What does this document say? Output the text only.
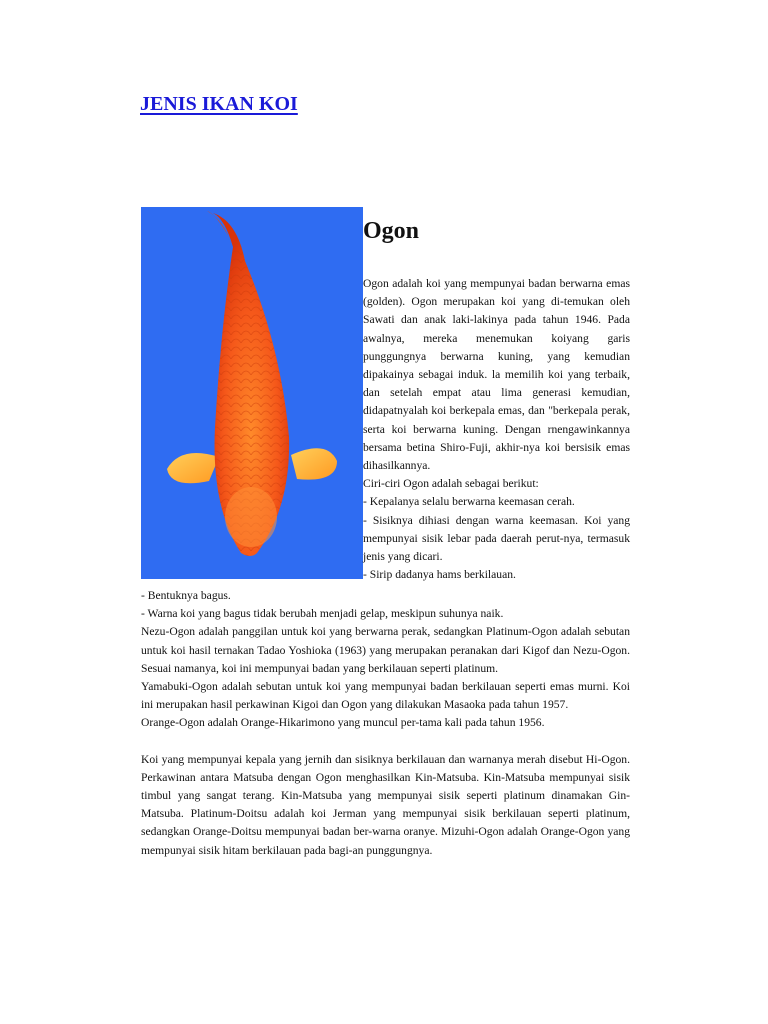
JENIS IKAN KOI
Ogon

Ogon adalah koi yang mempunyai badan berwarna emas (golden). Ogon merupakan koi yang di-temukan oleh Sawati dan anak laki-lakinya pada tahun 1946. Pada awalnya, mereka menemukan koiyang garis punggungnya berwarna kuning, yang kemudian dipakainya sebagai induk. la memilih koi yang terbaik, dan setelah empat atau lima generasi kemudian, didapatnyalah koi berkepala emas, dan "berkepala perak, serta koi berwarna kuning. Dengan rnengawinkannya bersama betina Shiro-Fuji, akhir-nya koi bersisik emas dihasilkannya.

Ciri-ciri Ogon adalah sebagai berikut:

- Kepalanya selalu berwarna keemasan cerah.

- Sisiknya dihiasi dengan warna keemasan. Koi yang mempunyai sisik lebar pada daerah perut-nya, termasuk jenis yang dicari.

- Sirip dadanya hams berkilauan.

- Bentuknya bagus.

- Warna koi yang bagus tidak berubah menjadi gelap, meskipun suhunya naik.

Nezu-Ogon adalah panggilan untuk koi yang berwarna perak, sedangkan Platinum-Ogon adalah sebutan untuk koi hasil ternakan Tadao Yoshioka (1963) yang merupakan peranakan dari Kigof dan Nezu-Ogon. Sesuai namanya, koi ini mempunyai badan yang berkilauan seperti platinum.

Yamabuki-Ogon adalah sebutan untuk koi yang mempunyai badan berkilauan seperti emas murni. Koi ini merupakan hasil perkawinan Kigoi dan Ogon yang dilakukan Masaoka pada tahun 1957.

Orange-Ogon adalah Orange-Hikarimono yang muncul per-tama kali pada tahun 1956.

Koi yang mempunyai kepala yang jernih dan sisiknya berkilauan dan warnanya merah disebut Hi-Ogon. Perkawinan antara Matsuba dengan Ogon menghasilkan Kin-Matsuba. Kin-Matsuba mempunyai sisik timbul yang sangat terang. Kin-Matsuba yang mempunyai sisik seperti platinum dinamakan Gin-Matsuba. Platinum-Doitsu adalah koi Jerman yang mempunyai sisik berkilauan seperti platinum, sedangkan Orange-Doitsu mempunyai badan ber-warna oranye. Mizuhi-Ogon adalah Orange-Ogon yang mempunyai sisik hitam berkilauan pada bagi-an punggungnya.
